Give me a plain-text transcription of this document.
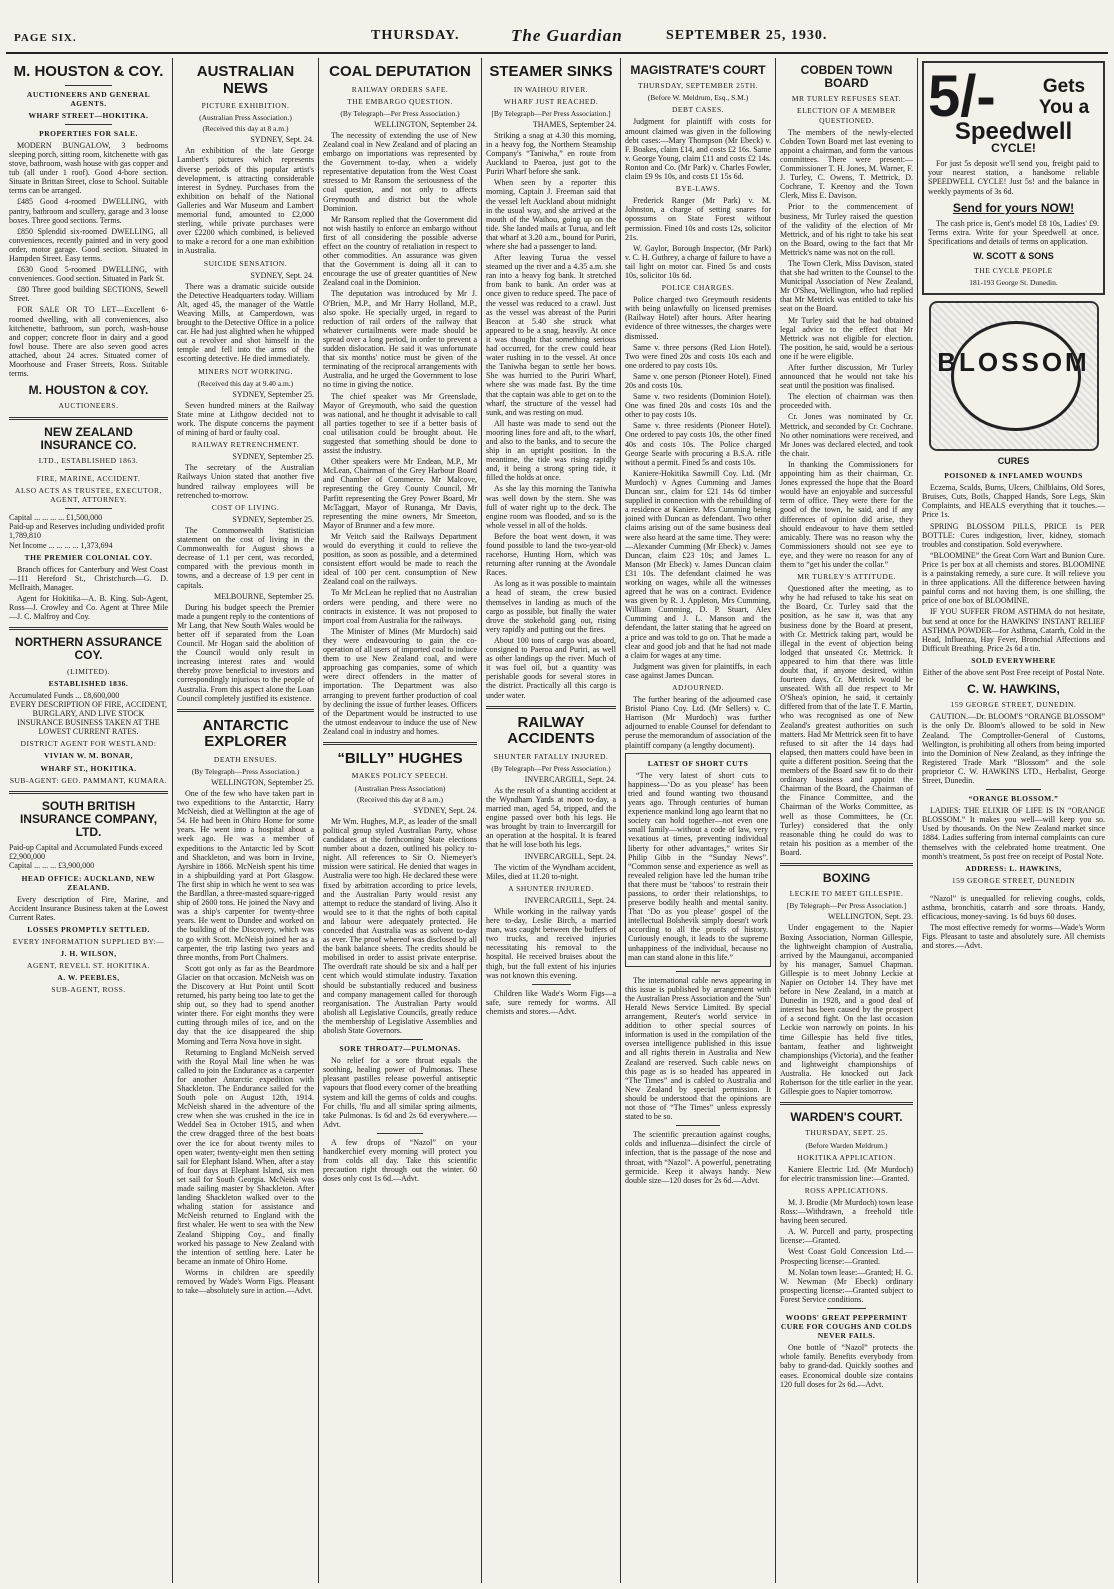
PAGE SIX.	THURSDAY.	The Guardian	SEPTEMBER 25, 1930.
M. HOUSTON & COY.
AUCTIONEERS AND GENERAL AGENTS.
WHARF STREET—HOKITIKA.
PROPERTIES FOR SALE.

MODERN BUNGALOW, 3 bedrooms sleeping porch, sitting room, kitchenette with gas stove, bathroom, wash house with gas copper and tub (all under 1 roof). Good 4-bore section. Situate in Brittan Street, close to School. Suitable terms can be arranged.

£485 Good 4-roomed DWELLING, with pantry, bathroom and scullery, garage and 3 loose boxes. Three good sections. Terms.

£850 Splendid six-roomed DWELLING, all conveniences, recently painted and in very good order, motor garage. Good section. Situated in Hampden Street. Easy terms.

£630 Good 5-roomed DWELLING, with conveniences. Good section. Situated in Park St.

£80 Three good building SECTIONS, Sewell Street.

FOR SALE OR TO LET—Excellent 6-roomed dwelling, with all conveniences, also kitchenette, bathroom, sun porch, wash-house and copper; concrete floor in dairy and a good fowl house. There are also seven good acres attached, about 24 acres. Situated corner of Moorhouse and Fraser Streets, Ross. Suitable terms.

M. HOUSTON & COY.
AUCTIONEERS.
NEW ZEALAND INSURANCE CO.
LTD., ESTABLISHED 1863.
FIRE, MARINE, ACCIDENT.
ALSO ACTS AS TRUSTEE, EXECUTOR, AGENT, ATTORNEY.
Capital ... ... ... ... £1,500,000
Paid-up and Reserves including undivided profit 1,789,810
Net Income ... ... ... ... 1,373,694
THE PREMIER COLONIAL COY.

Branch offices for Canterbury and West Coast—111 Hereford St., Christchurch—G. D. McIlraith, Manager.

Agent for Hokitika—A. B. King. Sub-Agent, Ross—J. Crowley and Co. Agent at Three Mile—J. C. Malfroy and Coy.

NORTHERN ASSURANCE COY.
(LIMITED).
ESTABLISHED 1836.
Accumulated Funds ... £8,600,000

EVERY DESCRIPTION OF FIRE, ACCIDENT, BURGLARY, AND LIVE STOCK INSURANCE BUSINESS TAKEN AT THE LOWEST CURRENT RATES.

DISTRICT AGENT FOR WESTLAND:
VIVIAN W. M. BONAR,
WHARF ST., HOKITIKA.
SUB-AGENT: GEO. PAMMANT, KUMARA.
SOUTH BRITISH INSURANCE COMPANY, LTD.
Paid-up Capital and Accumulated Funds exceed £2,900,000
Capital ... ... ... £3,900,000
HEAD OFFICE: AUCKLAND, NEW ZEALAND.

Every description of Fire, Marine, and Accident Insurance Business taken at the Lowest Current Rates.

LOSSES PROMPTLY SETTLED.
EVERY INFORMATION SUPPLIED BY:—
J. H. WILSON,
AGENT, REVELL ST. HOKITIKA.
A. W. PEEBLES,
SUB-AGENT, ROSS.
AUSTRALIAN NEWS
PICTURE EXHIBITION.
(Australian Press Association.)
(Received this day at 8 a.m.)
SYDNEY, Sept. 24.

An exhibition of the late George Lambert's pictures which represents diverse periods of this popular artist's development, is attracting considerable interest in Sydney. Purchases from the exhibition on behalf of the National Galleries and War Museum and Lambert memorial fund, amounted to £2,000 sterling, while private purchases were over £2200 which combined, is believed to make a record for a one man exhibition in Australia.

SUICIDE SENSATION.
SYDNEY, Sept. 24.

There was a dramatic suicide outside the Detective Headquarters today. William Alt, aged 45, the manager of the Wattle Weaving Mills, at Camperdown, was brought to the Detective Office in a police car. He had just alighted when he whipped out a revolver and shot himself in the temple and fell into the arms of the escorting detective. He died immediately.

MINERS NOT WORKING.
(Received this day at 9.40 a.m.)
SYDNEY, September 25.

Seven hundred miners at the Railway State mine at Lithgow decided not to work. The dispute concerns the payment of mining of hard or faulty coal.

RAILWAY RETRENCHMENT.
SYDNEY, September 25.

The secretary of the Australian Railways Union stated that another five hundred railway employees will be retrenched to-morrow.

COST OF LIVING.
SYDNEY, September 25.

The Commonwealth Statistician statement on the cost of living in the Commonwealth for August shows a decrease of 1.1 per cent, was recorded, compared with the previous month in towns, and a decrease of 1.9 per cent in capitals.

MELBOURNE, September 25.

During his budget speech the Premier made a pungent reply to the contentions of Mr Lang, that New South Wales would be better off if separated from the Loan Council. Mr Hogan said the abolition of the Council would only result in increasing interest rates and would thereby prove beneficial to investors and correspondingly injurious to the people of Australia. From this aspect alone the Loan Council completely justified its existence.

ANTARCTIC EXPLORER
DEATH ENSUES.
(By Telegraph—Press Association.)
WELLINGTON, September 25.

One of the few who have taken part in two expeditions to the Antarctic, Harry McNeish, died at Wellington at the age of 54. He had been in Ohiro Home for some years. He went into a hospital about a week ago. He was a member of expeditions to the Antarctic led by Scott and Shackleton, and was born in Irvine, Ayrshire in 1866. McNeish spent his time in a shipbuilding yard at Port Glasgow. The first ship in which he went to sea was the Bardllan, a three-masted square-rigged ship of 2600 tons. He joined the Navy and was a ship's carpenter for twenty-three years. He went to Dundee and worked on the building of the Discovery, which was to go with Scott. McNeish joined her as a carpenter, the trip lasting two years and three months, from Port Chalmers.

Scott got only as far as the Beardmore Glacier on that occasion. McNeish was on the Discovery at Hut Point until Scott returned, his party being too late to get the ship out, so they had to spend another winter there. For eight months they were cutting through miles of ice, and on the day that the ice disappeared the ship Morning and Terra Nova hove in sight.

Returning to England McNeish served with the Royal Mail line when he was called to join the Endurance as a carpenter for another Antarctic expedition with Shackleton. The Endurance sailed for the South pole on August 12th, 1914. McNeish shared in the adventure of the crew when she was crushed in the ice in Weddel Sea in October 1915, and when the crew dragged three of the best boats over the ice for about twenty miles to open water; twenty-eight men then setting sail for Elephant Island. When, after a stay of four days at Elephant Island, six men set sail for South Georgia. McNeish was made sailing master by Shackleton. After landing Shackleton walked over to the whaling station for assistance and McNeish returned to England with the first whaler. He went to sea with the New Zealand Shipping Coy., and finally worked his passage to New Zealand with the intention of settling here. Later he became an inmate of Ohiro Home.

Worms in children are speedily removed by Wade's Worm Figs. Pleasant to take—absolutely sure in action.—Advt.

COAL DEPUTATION
RAILWAY ORDERS SAFE.
THE EMBARGO QUESTION.
(By Telegraph—Per Press Association.)
WELLINGTON, September 24.

The necessity of extending the use of New Zealand coal in New Zealand and of placing an embargo on importations was represented by the Government to-day, when a widely representative deputation from the West Coast stressed to Mr Ransom the seriousness of the coal question, and not only to affects Greymouth and district but the whole Dominion.

Mr Ransom replied that the Government did not wish hastily to enforce an embargo without first of all considering the possible adverse effect on the country of retaliation in respect to other commodities. An assurance was given that the Government is doing all it can to encourage the use of greater quantities of New Zealand coal in the Dominion.

The deputation was introduced by Mr J. O'Brien, M.P., and Mr Harry Holland, M.P., also spoke. He specially urged, in regard to reduction of rail orders of the railway that whatever curtailments were made should be spread over a long period, in order to prevent a sudden dislocation. He said it was unfortunate that six months' notice must be given of the terminating of the reciprocal arrangements with Australia, and he urged the Government to lose no time in giving the notice.

The chief speaker was Mr Greenslade, Mayor of Greymouth, who said the question was national, and he thought it advisable to call all parties together to see if a better basis of coal utilisation could be brought about. He suggested that something should be done to assist the industry.

Other speakers were Mr Endean, M.P., Mr McLean, Chairman of the Grey Harbour Board and Chamber of Commerce. Mr Malcove, representing the Grey County Council, Mr Parfitt representing the Grey Power Board, Mr McTaggart, Mayor of Runanga, Mr Davis, representing the mine owners, Mr Smeeton, Mayor of Brunner and a few more.

Mr Veitch said the Railways Department would do everything it could to relieve the position, as soon as possible, and a determined consistent effort would be made to reach the ideal of 100 per cent. consumption of New Zealand coal on the railways.

To Mr McLean he replied that no Australian orders were pending, and there were no contracts in existence. It was not proposed to import coal from Australia for the railways.

The Minister of Mines (Mr Murdoch) said they were endeavouring to gain the co-operation of all users of imported coal to induce them to use New Zealand coal, and were approaching gas companies, some of which were direct offenders in the matter of importation. The Department was also arranging to prevent further production of coal by declining the issue of further leases. Officers of the Department would be instructed to use the utmost endeavour to induce the use of New Zealand coal in industry and homes.

“BILLY” HUGHES
MAKES POLICY SPEECH.
(Australian Press Association)
(Received this day at 8 a.m.)
SYDNEY, Sept. 24.

Mr Wm. Hughes, M.P., as leader of the small political group styled Australian Party, whose candidates at the forthcoming State elections number about a dozen, outlined his policy to-night. All references to Sir O. Niemeyer's mission were satirical. He denied that wages in Australia were too high. He declared these were fixed by arbitration according to price levels, and the Australian Party would resist any attempt to reduce the standard of living. Also it would see to it that the rights of both capital and labour were adequately protected. He conceded that Australia was as solvent to-day as ever. The proof whereof was disclosed by all the bank balance sheets. The credits should be mobilised in order to assist private enterprise. The overdraft rate should be six and a half per cent which would stimulate industry. Taxation should be substantially reduced and business and company management called for thorough reorganisation. The Australian Party would abolish all Legislative Councils, greatly reduce the membership of Legislative Assemblies and abolish State Governors.

SORE THROAT?—PULMONAS.

No relief for a sore throat equals the soothing, healing power of Pulmonas. These pleasant pastilles release powerful antiseptic vapours that flood every corner of the breathing system and kill the germs of colds and coughs. For chills, 'flu and all similar spring ailments, take Pulmonas. Is 6d and 2s 6d everywhere.—Advt.

A few drops of “Nazol” on your handkerchief every morning will protect you from colds all day. Take this scientific precaution right through out the winter. 60 doses only cost 1s 6d.—Advt.

STEAMER SINKS
IN WAIHOU RIVER.
WHARF JUST REACHED.
[By Telegraph—Per Press Association.]
THAMES, September 24.

Striking a snag at 4.30 this morning, in a heavy fog, the Northern Steamship Company's “Taniwha,” en route from Auckland to Paeroa, just got to the Puriri Wharf before she sank.

When seen by a reporter this morning, Captain J. Freeman said that the vessel left Auckland about midnight in the usual way, and she arrived at the mouth of the Waihou, going up on the tide. She landed mails at Turua, and left that wharf at 3.20 a.m., bound for Puriri, where she had a passenger to land.

After leaving Turua the vessel steamed up the river and a 4.35 a.m. she ran into a heavy fog bank. It stretched from bank to bank. An order was at once given to reduce speed. The pace of the vessel was reduced to a crawl. Just as the vessel was abreast of the Puriri Beacon at 5.40 she struck what appeared to be a snag, heavily. At once it was thought that something serious had occurred, for the crew could hear water rushing in to the vessel. At once the Taniwha began to settle her bows. She was hurried to the Puriri Wharf, where she was made fast. By the time that the captain was able to get on to the wharf, the structure of the vessel had sunk, and was resting on mud.

All haste was made to send out the mooring lines fore and aft, to the wharf, and also to the banks, and to secure the ship in an upright position. In the meantime, the tide was rising rapidly and, it being a strong spring tide, it filled the holds at once.

As she lay this morning the Taniwha was well down by the stern. She was full of water right up to the deck. The engine room was flooded, and so is the whole vessel in all of the holds.

Before the boat went down, it was found possible to land the two-year-old racehorse, Hunting Horn, which was returning after running at the Avondale Races.

As long as it was possible to maintain a head of steam, the crew busied themselves in landing as much of the cargo as possible, but finally the water drove the stokehold gang out, rising very rapidly and putting out the fires.

About 100 tons of cargo was aboard, consigned to Paeroa and Puriri, as well as other landings up the river. Much of it was fuel oil, but a quantity was perishable goods for several stores in the district. Practically all this cargo is under water.

RAILWAY ACCIDENTS
SHUNTER FATALLY INJURED.
(By Telegraph—Per Press Association.)
INVERCARGILL, Sept. 24.

As the result of a shunting accident at the Wyndham Yards at noon to-day, a married man, aged 54, tripped, and the engine passed over both his legs. He was brought by train to Invercargill for an operation at the hospital. It is feared that he will lose both his legs.

INVERCARGILL, Sept. 24.

The victim of the Wyndham accident, Miles, died at 11.20 to-night.

A SHUNTER INJURED.
INVERCARGILL, Sept. 24.

While working in the railway yards here to-day, Leslie Birch, a married man, was caught between the buffers of two trucks, and received injuries necessitating his removal to the hospital. He received bruises about the thigh, but the full extent of his injuries was not known this evening.

Children like Wade's Worm Figs—a safe, sure remedy for worms. All chemists and stores.—Advt.

MAGISTRATE'S COURT
THURSDAY, SEPTEMBER 25TH.
(Before W. Meldrum, Esq., S.M.)
DEBT CASES.

Judgment for plaintiff with costs for amount claimed was given in the following debt cases:—Mary Thompson (Mr Ebeck) v. F. Boakes, claim £14, and costs £2 16s. Same v. George Young, claim £11 and costs £2 14s. Ronton and Co. (Mr Park) v. Charles Fowler, claim £9 9s 10s, and costs £1 15s 6d.

BYE-LAWS.

Frederick Ranger (Mr Park) v. M. Johnston, a charge of setting snares for opossums on State Forest without permission. Fined 10s and costs 12s, solicitor 21s.

W. Gaylor, Borough Inspector, (Mr Park) v. C. H. Guthrey, a charge of failure to have a tail light on motor car. Fined 5s and costs 10s, solicitor 10s 6d.

POLICE CHARGES.

Police charged two Greymouth residents with being unlawfully on licensed premises (Railway Hotel) after hours. After hearing evidence of three witnesses, the charges were dismissed.

Same v. three persons (Red Lion Hotel). Two were fined 20s and costs 10s each and one ordered to pay costs 10s.

Same v. one person (Pioneer Hotel). Fined 20s and costs 10s.

Same v. two residents (Dominion Hotel). One was fined 20s and costs 10s and the other to pay costs 10s.

Same v. three residents (Pioneer Hotel). One ordered to pay costs 10s, the other fined 40s and costs 10s. The Police charged George Searle with procuring a B.S.A. rifle without a permit. Fined 5s and costs 10s.

Kaniere-Hokitika Sawmill Coy. Ltd. (Mr Murdoch) v Agnes Cumming and James Duncan snr., claim for £21 14s 6d timber supplied in connection with the rebuilding of a residence at Kaniere. Mrs Cumming being joined with Duncan as defendant. Two other claims arising out of the same business deal were also heard at the same time. They were:—Alexander Cumming (Mr Ebeck) v. James Duncan, claim £23 10s; and James L. Manson (Mr Ebeck) v. James Duncan claim £31 10s. The defendant claimed he was working on wages, while all the witnesses agreed that he was on a contract. Evidence was given by R. J. Appleton, Mrs Cumming, William Cumming, D. P. Stuart, Alex Cumming and J. L. Manson and the defendant, the latter stating that he agreed on a price and was told to go on. That he made a clear and good job and that he had not made a claim for wages at any time.

Judgment was given for plaintiffs, in each case against James Duncan.

ADJOURNED.

The further hearing of the adjourned case Bristol Piano Coy. Ltd. (Mr Sellers) v. C. Harrison (Mr Murdoch) was further adjourned to enable Counsel for defendant to peruse the memorandum of association of the plaintiff company (a lengthy document).

LATEST OF SHORT CUTS

“The very latest of short cuts to happiness—‘Do as you please’ has been tried and found wanting two thousand years ago. Through centuries of human experience mankind long ago learnt that no society can hold together—not even one small family—without a code of law, very vexatious at times, preventing individual liberty for other advantages,” writes Sir Philip Gibb in the “Sunday News”. “Common sense and experience as well as revealed religion have led the human tribe that there must be ‘taboos’ to restrain their passions, to order their relationships, to preserve bodily health and mental sanity. That ‘Do as you please’ gospel of the intellectual Bolshevik simply doesn't work according to all the proofs of history. Curiously enough, it leads to the supreme unhappiness of the individual, because no man can stand alone in this life.”

The international cable news appearing in this issue is published by arrangement with the Australian Press Association and the 'Sun' Herald News Service Limited. By special arrangement, Reuter's world service in addition to other special sources of information is used in the compilation of the oversea intelligence published in this issue and all rights therein in Australia and New Zealand are reserved. Such cable news on this page as is so headed has appeared in “The Times” and is cabled to Australia and New Zealand by special permission. It should be understood that the opinions are not those of “The Times” unless expressly stated to be so.

The scientific precaution against coughs, colds and influenza—disinfect the circle of infection, that is the passage of the nose and throat, with “Nazol”. A powerful, penetrating germicide. Keep it always handy. New double size—120 doses for 2s 6d.—Advt.

COBDEN TOWN BOARD
MR TURLEY REFUSES SEAT.
ELECTION OF A MEMBER QUESTIONED.

The members of the newly-elected Cobden Town Board met last evening to appoint a chairman, and form the various committees. There were present:—Commissioner T. H. Jones, M. Warner, F. J. Turley, C. Owens, T. Mettrick, D. Cochrane, T. Keenoy and the Town Clerk, Miss E. Davison.

Prior to the commencement of business, Mr Turley raised the question of the validity of the election of Mr Mettrick, and of his right to take his seat on the Board, owing to the fact that Mr Mettrick's name was not on the roll.

The Town Clerk, Miss Davison, stated that she had written to the Counsel to the Municipal Association of New Zealand, Mr O'Shea, Wellington, who had replied that Mr Mettrick was entitled to take his seat on the Board.

Mr Turley said that he had obtained legal advice to the effect that Mr Mettrick was not eligible for election. The position, he said, would be a serious one if he were eligible.

After further discussion, Mr Turley announced that he would not take his seat until the position was finalised.

The election of chairman was then proceeded with.

Cr. Jones was nominated by Cr. Mettrick, and seconded by Cr. Cochrane. No other nominations were received, and Mr Jones was declared elected, and took the chair.

In thanking the Commissioners for appointing him as their chairman, Cr. Jones expressed the hope that the Board would have an enjoyable and successful term of office. They were there for the good of the town, he said, and if any differences of opinion did arise, they should endeavour to have them settled amicably. There was no reason why the Commissioners should not see eye to eye, and they were no reason for any of them to “get his under the collar.”

MR TURLEY'S ATTITUDE.

Questioned after the meeting, as to why he had refused to take his seat on the Board, Cr. Turley said that the position, as he saw it, was that any business done by the Board at present, with Cr. Mettrick taking part, would be illegal in the event of objection being lodged that unseated Cr. Mettrick. It appeared to him that there was little doubt that, if anyone desired, within fourteen days, Cr. Mettrick would be unseated. With all due respect to Mr O'Shea's opinion, he said, it certainly differed from that of the late T. F. Martin, who was recognised as one of New Zealand's greatest authorities on such matters. Had Mr Mettrick seen fit to have refused to sit after the 14 days had elapsed, then matters could have been in quite a different position. Seeing that the members of the Board saw fit to do their ordinary business and appoint the Chairman of the Board, the Chairman of the Finance Committee, and the Chairman of the Works Committee, as well as those Committees, he (Cr. Turley) considered that the only reasonable thing he could do was to retain his position as a member of the Board.

BOXING
LECKIE TO MEET GILLESPIE.
[By Telegraph—Per Press Association.]
WELLINGTON, Sept. 23.

Under engagement to the Napier Boxing Association, Norman Gillespie, the lightweight champion of Australia, arrived by the Maunganui, accompanied by his manager, Samuel Chapman. Gillespie is to meet Johnny Leckie at Napier on October 14. They have met before in New Zealand, in a match at Dunedin in 1928, and a good deal of interest has been caused by the prospect of a second fight. On the last occasion Leckie won narrowly on points. In his time Gillespie has held five titles, bantam, feather and lightweight championships (Victoria), and the feather and lightweight championships of Australia. He knocked out Jack Robertson for the title earlier in the year. Gillespie goes to Napier tomorrow.

WARDEN'S COURT.
THURSDAY, SEPT. 25.
(Before Warden Meldrum.)
HOKITIKA APPLICATION.

Kaniere Electric Ltd. (Mr Murdoch) for electric transmission line:—Granted.

ROSS APPLICATIONS.

M. J. Brodie (Mr Murdoch) town lease Ross:—Withdrawn, a freehold title having been secured.

A. W. Purcell and party, prospecting license:—Granted.

West Coast Gold Concession Ltd.—Prospecting license:—Granted.

M. Nolan town lease:—Granted; H. G. W. Newman (Mr Ebeck) ordinary prospecting license:—Granted subject to Forest Service conditions.

WOODS' GREAT PEPPERMINT CURE FOR COUGHS AND COLDS NEVER FAILS.

One bottle of “Nazol” protects the whole family. Benefits everybody from baby to grand-dad. Quickly soothes and eases. Economical double size contains 120 full doses for 2s 6d.—Advt.

5/-	Gets You a
Speedwell
CYCLE!

For just 5s deposit we'll send you, freight paid to your nearest station, a handsome reliable SPEEDWELL CYCLE! Just 5s! and the balance in weekly payments of 3s 6d.

Send for yours NOW!

The cash price is, Gent's model £8 10s, Ladies' £9. Terms extra. Write for your Speedwell at once. Specifications and details of terms on application.

W. SCOTT & SONS
THE CYCLE PEOPLE
181-193 George St. Dunedin.
BLOSSOM
CURES
POISONED & INFLAMED WOUNDS

Eczema, Scalds, Burns, Ulcers, Chilblains, Old Sores, Bruises, Cuts, Boils, Chapped Hands, Sore Legs, Skin Complaints, and HEALS everything that it touches.—Price 1s.

SPRING BLOSSOM PILLS, PRICE 1s PER BOTTLE: Cures indigestion, liver, kidney, stomach troubles and constipation. Sold everywhere.

“BLOOMINE” the Great Corn Wart and Bunion Cure. Price 1s per box at all chemists and stores. BLOOMINE is a painstaking remedy, a sure cure. It will relieve you in three applications. All the difference between having painful corns and not having them, is one shilling, the price of one box of BLOOMINE.

IF YOU SUFFER FROM ASTHMA do not hesitate, but send at once for the HAWKINS' INSTANT RELIEF ASTHMA POWDER—for Asthma, Catarrh, Cold in the Head, Influenza, Hay Fever, Bronchial Affections and Difficult Breathing. Price 2s 6d a tin.

SOLD EVERYWHERE

Either of the above sent Post Free receipt of Postal Note.

C. W. HAWKINS,
159 GEORGE STREET, DUNEDIN.

CAUTION.—Dr. BLOOM'S “ORANGE BLOSSOM” is the only Dr. Bloom's allowed to be sold in New Zealand. The Comptroller-General of Customs, Wellington, is prohibiting all others from being imported into the Dominion of New Zealand, as they infringe the Registered Trade Mark “Blossom” and the sole proprietor C. W. HAWKINS LTD., Herbalist, George Street, Dunedin.

“ORANGE BLOSSOM.”

LADIES: THE ELIXIR OF LIFE IS IN “ORANGE BLOSSOM.” It makes you well—will keep you so. Used by thousands. On the New Zealand market since 1884. Ladies suffering from internal complaints can cure themselves with the celebrated home treatment. One month's treatment, 5s post free on receipt of Postal Note.

ADDRESS: L. HAWKINS,
159 GEORGE STREET, DUNEDIN

“Nazol” is unequalled for relieving coughs, colds, asthma, bronchitis, catarrh and sore throats. Handy, efficacious, money-saving. 1s 6d buys 60 doses.

The most effective remedy for worms—Wade's Worm Figs. Pleasant to taste and absolutely sure. All chemists and stores.—Advt.
